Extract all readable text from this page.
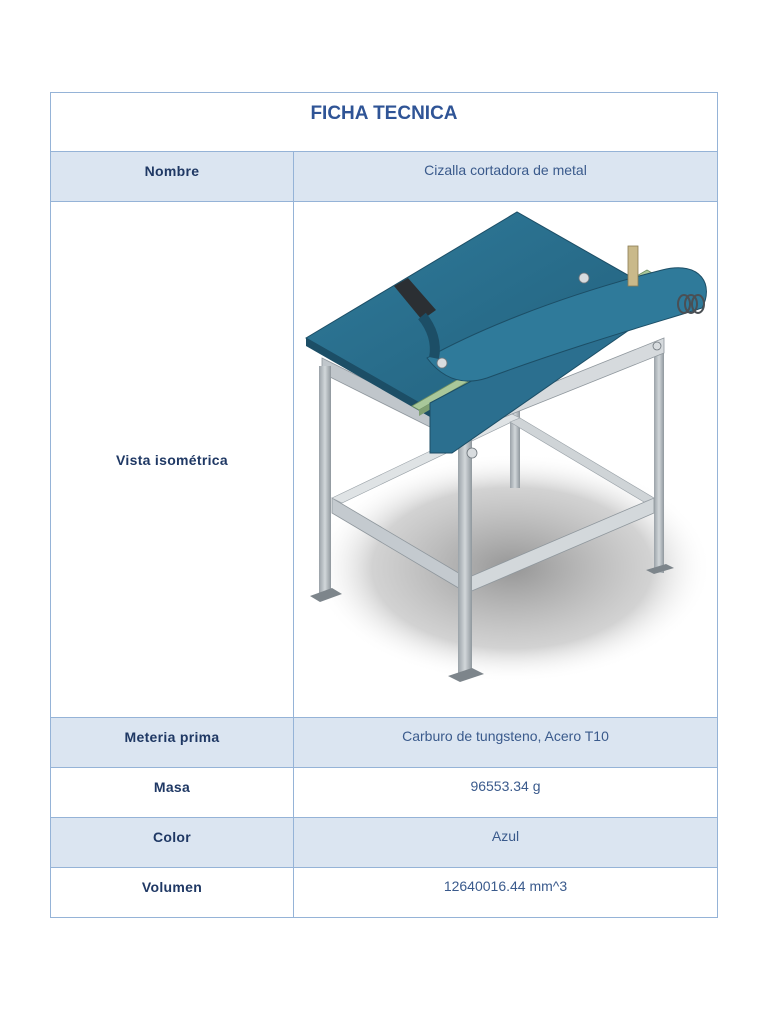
FICHA TECNICA	

Nombre	Cizalla cortadora de metal

Vista isométrica

Meteria prima	Carburo de tungsteno, Acero T10

Masa	96553.34 g

Color	Azul

Volumen	12640016.44 mm^3
